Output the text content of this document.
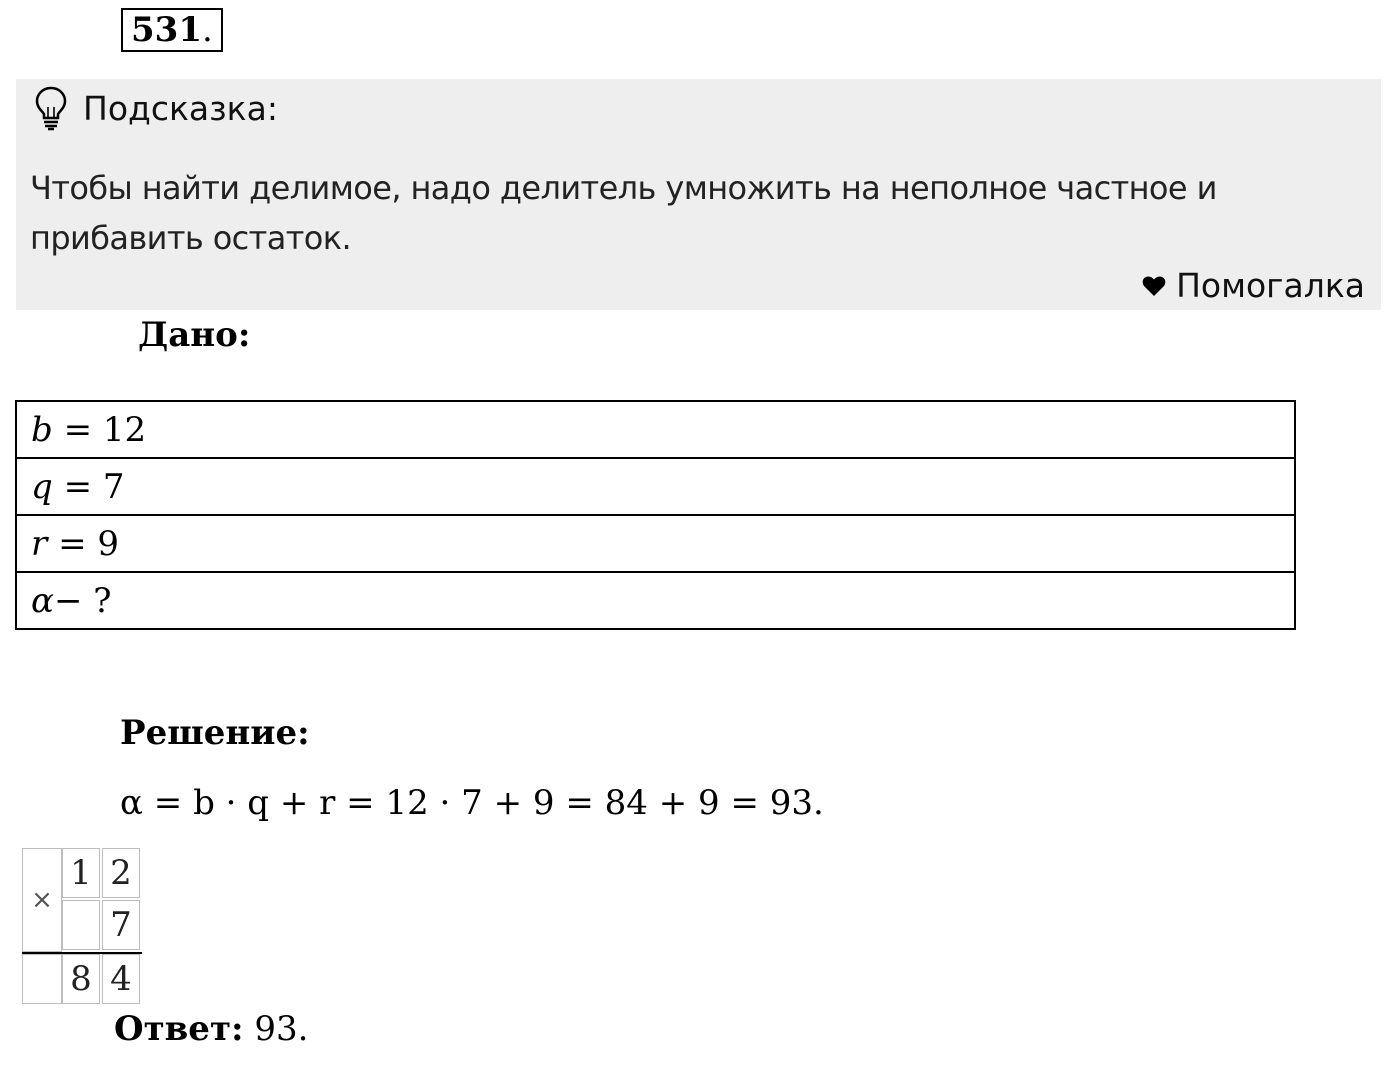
531 .
Подсказка:
Чтобы найти делимое, надо делитель умножить на неполное частное и прибавить остаток.
Помогалка
Дано:
b = 12
q = 7
r = 9
α− ?
Решение:
α = b · q + r = 12 · 7 + 9 = 84 + 9 = 93.
×
1 2
7
8 4
Ответ: 93.
